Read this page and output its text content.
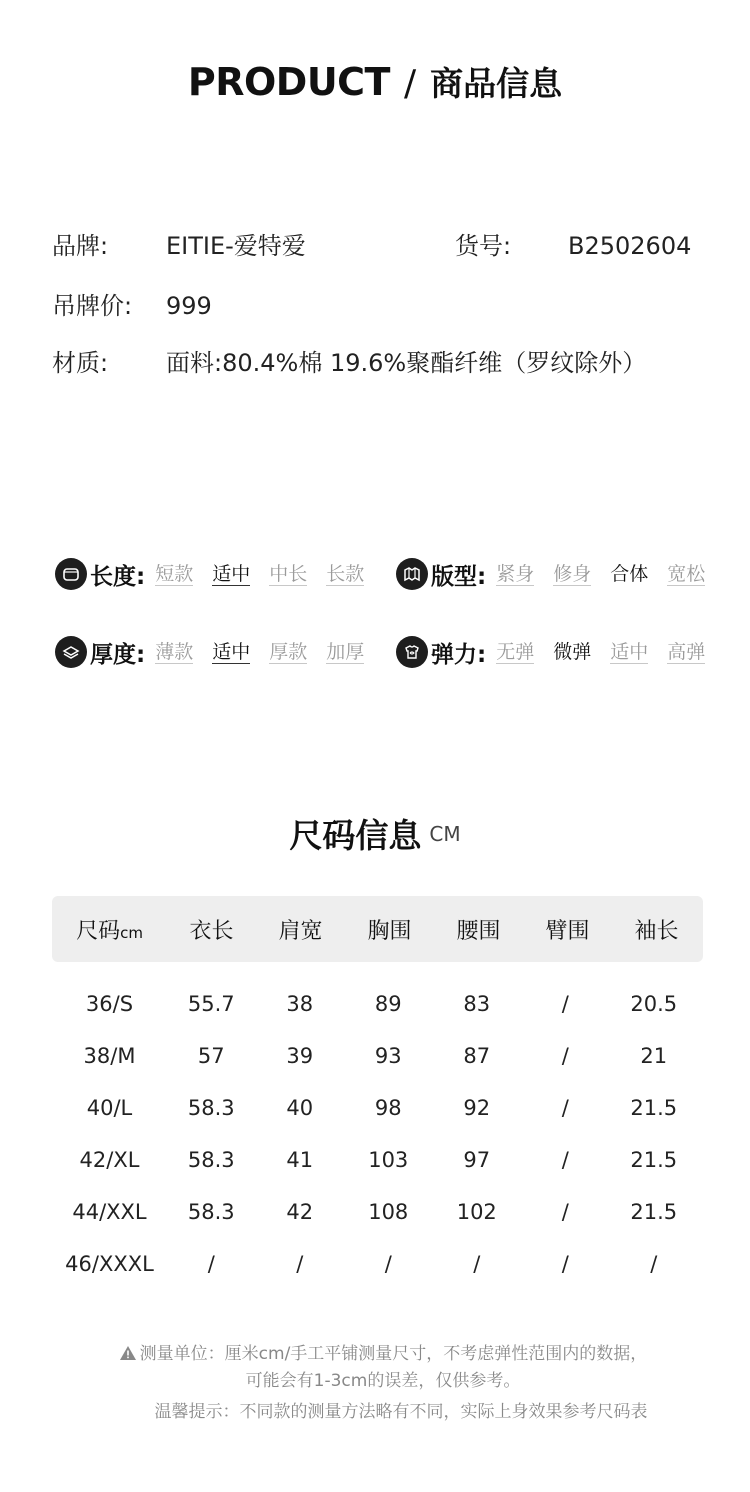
PRODUCT / 商品信息
品牌: EITIE-爱特爱	货号: B2502604
吊牌价: 999
材质: 面料:80.4%棉 19.6%聚酯纤维（罗纹除外）
长度: 短款 适中 中长 长款	版型: 紧身 修身 合体 宽松
厚度: 薄款 适中 厚款 加厚	弹力: 无弹 微弹 适中 高弹
尺码信息 CM
尺码cm	衣长	肩宽	胸围	腰围	臂围	袖长
36/S	55.7	38	89	83	/	20.5
38/M	57	39	93	87	/	21
40/L	58.3	40	98	92	/	21.5
42/XL	58.3	41	103	97	/	21.5
44/XXL	58.3	42	108	102	/	21.5
46/XXXL	/	/	/	/	/	/
测量单位：厘米cm/手工平铺测量尺寸，不考虑弹性范围内的数据，
可能会有1-3cm的误差，仅供参考。
温馨提示：不同款的测量方法略有不同，实际上身效果参考尺码表
